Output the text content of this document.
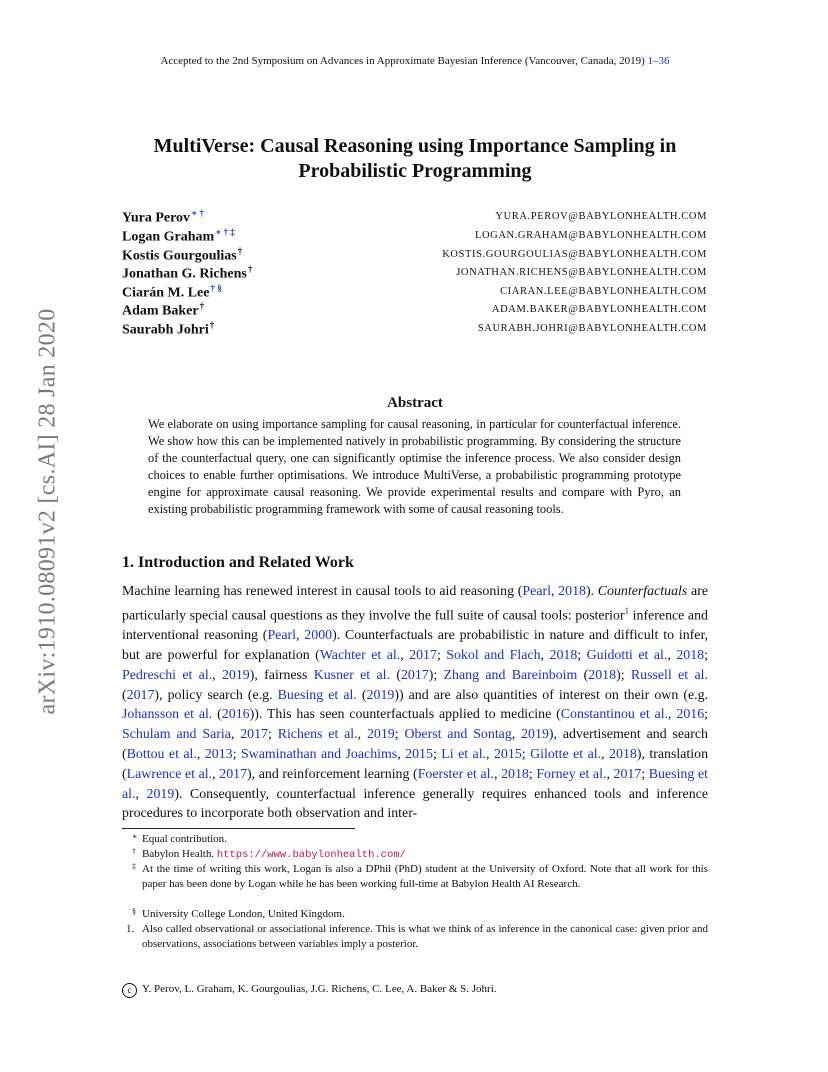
Accepted to the 2nd Symposium on Advances in Approximate Bayesian Inference (Vancouver, Canada, 2019) 1–36
MultiVerse: Causal Reasoning using Importance Sampling in
Probabilistic Programming
Yura Perov∗ †	YURA.PEROV@BABYLONHEALTH.COM
Logan Graham∗ † ‡	LOGAN.GRAHAM@BABYLONHEALTH.COM
Kostis Gourgoulias†	KOSTIS.GOURGOULIAS@BABYLONHEALTH.COM
Jonathan G. Richens†	JONATHAN.RICHENS@BABYLONHEALTH.COM
Ciarán M. Lee† §	CIARAN.LEE@BABYLONHEALTH.COM
Adam Baker†	ADAM.BAKER@BABYLONHEALTH.COM
Saurabh Johri†	SAURABH.JOHRI@BABYLONHEALTH.COM
arXiv:1910.08091v2 [cs.AI] 28 Jan 2020	Abstract
We elaborate on using importance sampling for causal reasoning, in particular for counterfactual inference. We show how this can be implemented natively in probabilistic programming. By considering the structure of the counterfactual query, one can significantly optimise the inference process. We also consider design choices to enable further optimisations. We introduce MultiVerse, a probabilistic programming prototype engine for approximate causal reasoning. We provide experimental results and compare with Pyro, an existing probabilistic programming framework with some of causal reasoning tools.
1. Introduction and Related Work
Machine learning has renewed interest in causal tools to aid reasoning (Pearl, 2018). Counterfactuals are particularly special causal questions as they involve the full suite of causal tools: posterior$^1$ inference and interventional reasoning (Pearl, 2000). Counterfactuals are probabilistic in nature and difficult to infer, but are powerful for explanation (Wachter et al., 2017; Sokol and Flach, 2018; Guidotti et al., 2018; Pedreschi et al., 2019), fairness Kusner et al. (2017); Zhang and Bareinboim (2018); Russell et al. (2017), policy search (e.g. Buesing et al. (2019)) and are also quantities of interest on their own (e.g. Johansson et al. (2016)). This has seen counterfactuals applied to medicine (Constantinou et al., 2016; Schulam and Saria, 2017; Richens et al., 2019; Oberst and Sontag, 2019), advertisement and search (Bottou et al., 2013; Swaminathan and Joachims, 2015; Li et al., 2015; Gilotte et al., 2018), translation (Lawrence et al., 2017), and reinforcement learning (Foerster et al., 2018; Forney et al., 2017; Buesing et al., 2019). Consequently, counterfactual inference generally requires enhanced tools and inference procedures to incorporate both observation and inter-
∗ Equal contribution.
† Babylon Health. https://www.babylonhealth.com/
‡ At the time of writing this work, Logan is also a DPhil (PhD) student at the University of Oxford. Note that all work for this paper has been done by Logan while he has been working full-time at Babylon Health AI Research.
§ University College London, United Kingdom.
1. Also called observational or associational inference. This is what we think of as inference in the canonical case: given prior and observations, associations between variables imply a posterior.
c Y. Perov, L. Graham, K. Gourgoulias, J.G. Richens, C. Lee, A. Baker & S. Johri.
